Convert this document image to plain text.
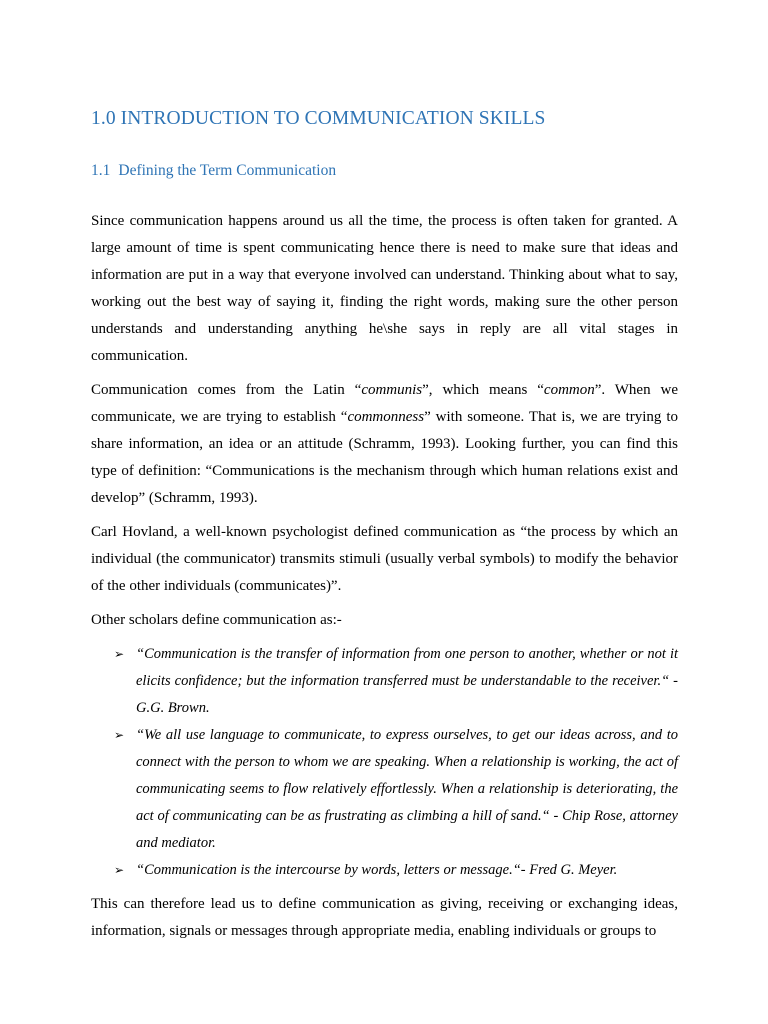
1.0 INTRODUCTION TO COMMUNICATION SKILLS
1.1 Defining the Term Communication

Since communication happens around us all the time, the process is often taken for granted. A large amount of time is spent communicating hence there is need to make sure that ideas and information are put in a way that everyone involved can understand. Thinking about what to say, working out the best way of saying it, finding the right words, making sure the other person understands and understanding anything he\she says in reply are all vital stages in communication.

Communication comes from the Latin “communis”, which means “common”. When we communicate, we are trying to establish “commonness” with someone. That is, we are trying to share information, an idea or an attitude (Schramm, 1993). Looking further, you can find this type of definition: “Communications is the mechanism through which human relations exist and develop” (Schramm, 1993).

Carl Hovland, a well-known psychologist defined communication as “the process by which an individual (the communicator) transmits stimuli (usually verbal symbols) to modify the behavior of the other individuals (communicates)”.

Other scholars define communication as:-

➢ “Communication is the transfer of information from one person to another, whether or not it elicits confidence; but the information transferred must be understandable to the receiver.“ - G.G. Brown.
➢ “We all use language to communicate, to express ourselves, to get our ideas across, and to connect with the person to whom we are speaking. When a relationship is working, the act of communicating seems to flow relatively effortlessly. When a relationship is deteriorating, the act of communicating can be as frustrating as climbing a hill of sand.“ - Chip Rose, attorney and mediator.
➢ “Communication is the intercourse by words, letters or message.“- Fred G. Meyer.

This can therefore lead us to define communication as giving, receiving or exchanging ideas, information, signals or messages through appropriate media, enabling individuals or groups to
